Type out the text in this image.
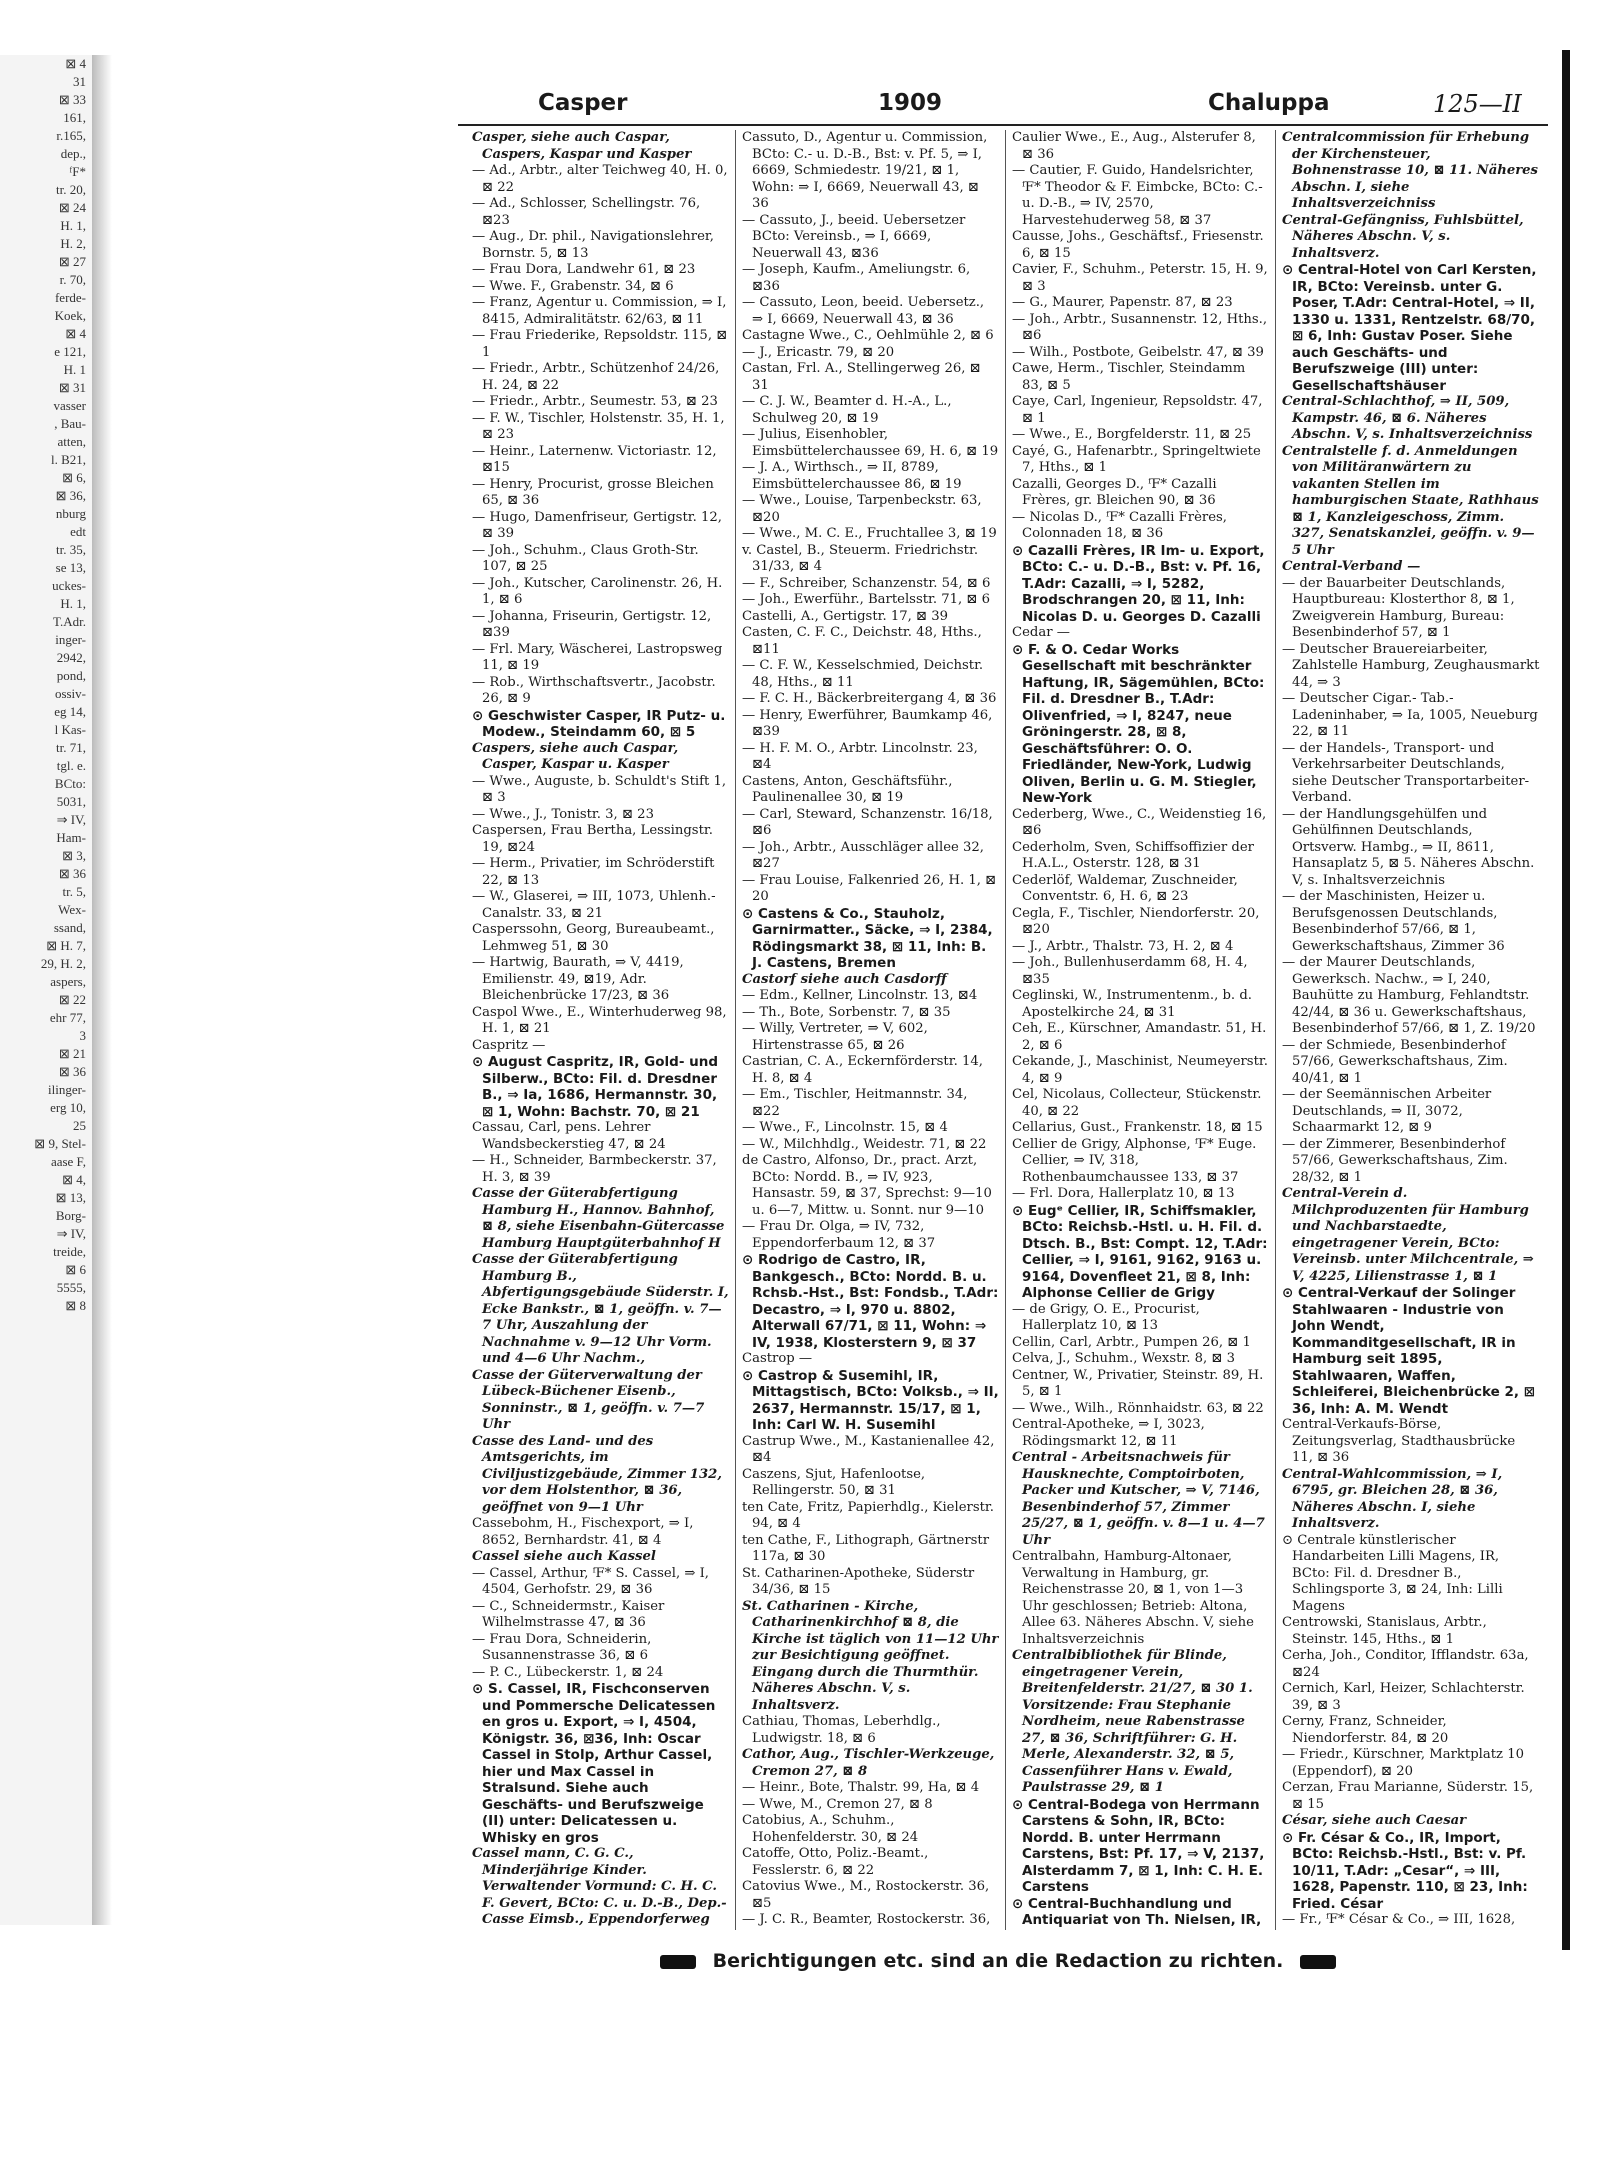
⊠ 4
31
⊠ 33
161,
r.165,
dep.,
ᶠF*
tr. 20,
⊠ 24
H. 1,
H. 2,
⊠ 27
r. 70,
ferde-
Koek,
⊠ 4
e 121,
H. 1
⊠ 31
vasser
, Bau-
atten,
l. B21,
⊠ 6,
⊠ 36,
nburg
edt
tr. 35,
se 13,
uckes-
H. 1,
T.Adr.
inger-
2942,
pond,
ossiv-
eg 14,
l Kas-
tr. 71,
tgl. e.
BCto:
5031,
⇒ IV,
Ham-
⊠ 3,
⊠ 36
tr. 5,
Wex-
ssand,
⊠ H. 7,
29, H. 2,
aspers,
⊠ 22
ehr 77,
3
⊠ 21
⊠ 36
ilinger-
erg 10,
25
⊠ 9, Stel-
aase F,
⊠ 4,
⊠ 13,
Borg-
⇒ IV,
treide,
⊠ 6
5555,
⊠ 8
Casper	1909	Chaluppa	125—II

Casper, siehe auch Caspar, Caspers, Kaspar und Kasper

— Ad., Arbtr., alter Teichweg 40, H. 0, ⊠ 22

— Ad., Schlosser, Schellingstr. 76, ⊠23

— Aug., Dr. phil., Navigationslehrer, Bornstr. 5, ⊠ 13

— Frau Dora, Landwehr 61, ⊠ 23

— Wwe. F., Grabenstr. 34, ⊠ 6

— Franz, Agentur u. Commission, ⇒ I, 8415, Admiralitätstr. 62/63, ⊠ 11

— Frau Friederike, Repsoldstr. 115, ⊠ 1

— Friedr., Arbtr., Schützenhof 24/26, H. 24, ⊠ 22

— Friedr., Arbtr., Seumestr. 53, ⊠ 23

— F. W., Tischler, Holstenstr. 35, H. 1, ⊠ 23

— Heinr., Laternenw. Victoriastr. 12, ⊠15

— Henry, Procurist, grosse Bleichen 65, ⊠ 36

— Hugo, Damenfriseur, Gertigstr. 12, ⊠ 39

— Joh., Schuhm., Claus Groth-Str. 107, ⊠ 25

— Joh., Kutscher, Carolinenstr. 26, H. 1, ⊠ 6

— Johanna, Friseurin, Gertigstr. 12, ⊠39

— Frl. Mary, Wäscherei, Lastropsweg 11, ⊠ 19

— Rob., Wirthschaftsvertr., Jacobstr. 26, ⊠ 9

⊙ Geschwister Casper, IR Putz- u. Modew., Steindamm 60, ⊠ 5

Caspers, siehe auch Caspar, Casper, Kaspar u. Kasper

— Wwe., Auguste, b. Schuldt's Stift 1, ⊠ 3

— Wwe., J., Tonistr. 3, ⊠ 23

Caspersen, Frau Bertha, Lessingstr. 19, ⊠24

— Herm., Privatier, im Schröderstift 22, ⊠ 13

— W., Glaserei, ⇒ III, 1073, Uhlenh.-Canalstr. 33, ⊠ 21

Casperssohn, Georg, Bureaubeamt., Lehmweg 51, ⊠ 30

— Hartwig, Baurath, ⇒ V, 4419, Emilienstr. 49, ⊠19, Adr. Bleichenbrücke 17/23, ⊠ 36

Caspol Wwe., E., Winterhuderweg 98, H. 1, ⊠ 21

Caspritz —

⊙ August Caspritz, IR, Gold- und Silberw., BCto: Fil. d. Dresdner B., ⇒ Ia, 1686, Hermannstr. 30, ⊠ 1, Wohn: Bachstr. 70, ⊠ 21

Cassau, Carl, pens. Lehrer Wandsbeckerstieg 47, ⊠ 24

— H., Schneider, Barmbeckerstr. 37, H. 3, ⊠ 39

Casse der Güterabfertigung Hamburg H., Hannov. Bahnhof, ⊠ 8, siehe Eisenbahn-Gütercasse Hamburg Hauptgüterbahnhof H

Casse der Güterabfertigung Hamburg B., Abfertigungsgebäude Süderstr. I, Ecke Bankstr., ⊠ 1, geöffn. v. 7—7 Uhr, Auszahlung der Nachnahme v. 9—12 Uhr Vorm. und 4—6 Uhr Nachm.,

Casse der Güterverwaltung der Lübeck-Büchener Eisenb., Sonninstr., ⊠ 1, geöffn. v. 7—7 Uhr

Casse des Land- und des Amtsgerichts, im Civiljustizgebäude, Zimmer 132, vor dem Holstenthor, ⊠ 36, geöffnet von 9—1 Uhr

Cassebohm, H., Fischexport, ⇒ I, 8652, Bernhardstr. 41, ⊠ 4

Cassel siehe auch Kassel

— Cassel, Arthur, ᶠF* S. Cassel, ⇒ I, 4504, Gerhofstr. 29, ⊠ 36

— C., Schneidermstr., Kaiser Wilhelmstrasse 47, ⊠ 36

— Frau Dora, Schneiderin, Susannenstrasse 36, ⊠ 6

— P. C., Lübeckerstr. 1, ⊠ 24

⊙ S. Cassel, IR, Fischconserven und Pommersche Delicatessen en gros u. Export, ⇒ I, 4504, Königstr. 36, ⊠36, Inh: Oscar Cassel in Stolp, Arthur Cassel, hier und Max Cassel in Stralsund. Siehe auch Geschäfts- und Berufszweige (II) unter: Delicatessen u. Whisky en gros

Cassel mann, C. G. C., Minderjährige Kinder. Verwaltender Vormund: C. H. C. F. Gevert, BCto: C. u. D.-B., Dep.-Casse Eimsb., Eppendorferweg

Cassuto, D., Agentur u. Commission, BCto: C.- u. D.-B., Bst: v. Pf. 5, ⇒ I, 6669, Schmiedestr. 19/21, ⊠ 1, Wohn: ⇒ I, 6669, Neuerwall 43, ⊠ 36

— Cassuto, J., beeid. Uebersetzer BCto: Vereinsb., ⇒ I, 6669, Neuerwall 43, ⊠36

— Joseph, Kaufm., Ameliungstr. 6, ⊠36

— Cassuto, Leon, beeid. Uebersetz., ⇒ I, 6669, Neuerwall 43, ⊠ 36

Castagne Wwe., C., Oehlmühle 2, ⊠ 6

— J., Ericastr. 79, ⊠ 20

Castan, Frl. A., Stellingerweg 26, ⊠ 31

— C. J. W., Beamter d. H.-A., L., Schulweg 20, ⊠ 19

— Julius, Eisenhobler, Eimsbüttelerchaussee 69, H. 6, ⊠ 19

— J. A., Wirthsch., ⇒ II, 8789, Eimsbüttelerchaussee 86, ⊠ 19

— Wwe., Louise, Tarpenbeckstr. 63, ⊠20

— Wwe., M. C. E., Fruchtallee 3, ⊠ 19

v. Castel, B., Steuerm. Friedrichstr. 31/33, ⊠ 4

— F., Schreiber, Schanzenstr. 54, ⊠ 6

— Joh., Ewerführ., Bartelsstr. 71, ⊠ 6

Castelli, A., Gertigstr. 17, ⊠ 39

Casten, C. F. C., Deichstr. 48, Hths., ⊠11

— C. F. W., Kesselschmied, Deichstr. 48, Hths., ⊠ 11

— F. C. H., Bäckerbreitergang 4, ⊠ 36

— Henry, Ewerführer, Baumkamp 46, ⊠39

— H. F. M. O., Arbtr. Lincolnstr. 23, ⊠4

Castens, Anton, Geschäftsführ., Paulinenallee 30, ⊠ 19

— Carl, Steward, Schanzenstr. 16/18, ⊠6

— Joh., Arbtr., Ausschläger allee 32, ⊠27

— Frau Louise, Falkenried 26, H. 1, ⊠ 20

⊙ Castens & Co., Stauholz, Garnirmatter., Säcke, ⇒ I, 2384, Rödingsmarkt 38, ⊠ 11, Inh: B. J. Castens, Bremen

Castorf siehe auch Casdorff

— Edm., Kellner, Lincolnstr. 13, ⊠4

— Th., Bote, Sorbenstr. 7, ⊠ 35

— Willy, Vertreter, ⇒ V, 602, Hirtenstrasse 65, ⊠ 26

Castrian, C. A., Eckernförderstr. 14, H. 8, ⊠ 4

— Em., Tischler, Heitmannstr. 34, ⊠22

— Wwe., F., Lincolnstr. 15, ⊠ 4

— W., Milchhdlg., Weidestr. 71, ⊠ 22

de Castro, Alfonso, Dr., pract. Arzt, BCto: Nordd. B., ⇒ IV, 923, Hansastr. 59, ⊠ 37, Sprechst: 9—10 u. 6—7, Mittw. u. Sonnt. nur 9—10

— Frau Dr. Olga, ⇒ IV, 732, Eppendorferbaum 12, ⊠ 37

⊙ Rodrigo de Castro, IR, Bankgesch., BCto: Nordd. B. u. Rchsb.-Hst., Bst: Fondsb., T.Adr: Decastro, ⇒ I, 970 u. 8802, Alterwall 67/71, ⊠ 11, Wohn: ⇒ IV, 1938, Klosterstern 9, ⊠ 37

Castrop —

⊙ Castrop & Susemihl, IR, Mittagstisch, BCto: Volksb., ⇒ II, 2637, Hermannstr. 15/17, ⊠ 1, Inh: Carl W. H. Susemihl

Castrup Wwe., M., Kastanienallee 42, ⊠4

Caszens, Sjut, Hafenlootse, Rellingerstr. 50, ⊠ 31

ten Cate, Fritz, Papierhdlg., Kielerstr. 94, ⊠ 4

ten Cathe, F., Lithograph, Gärtnerstr 117a, ⊠ 30

St. Catharinen-Apotheke, Süderstr 34/36, ⊠ 15

St. Catharinen - Kirche, Catharinenkirchhof ⊠ 8, die Kirche ist täglich von 11—12 Uhr zur Besichtigung geöffnet. Eingang durch die Thurmthür. Näheres Abschn. V, s. Inhaltsverz.

Cathiau, Thomas, Leberhdlg., Ludwigstr. 18, ⊠ 6

Cathor, Aug., Tischler-Werkzeuge, Cremon 27, ⊠ 8

— Heinr., Bote, Thalstr. 99, Ha, ⊠ 4

— Wwe, M., Cremon 27, ⊠ 8

Catobius, A., Schuhm., Hohenfelderstr. 30, ⊠ 24

Catoffe, Otto, Poliz.-Beamt., Fesslerstr. 6, ⊠ 22

Catovius Wwe., M., Rostockerstr. 36, ⊠5

— J. C. R., Beamter, Rostockerstr. 36,

Caulier Wwe., E., Aug., Alsterufer 8, ⊠ 36

— Cautier, F. Guido, Handelsrichter, ᶠF* Theodor & F. Eimbcke, BCto: C.- u. D.-B., ⇒ IV, 2570, Harvestehuderweg 58, ⊠ 37

Causse, Johs., Geschäftsf., Friesenstr. 6, ⊠ 15

Cavier, F., Schuhm., Peterstr. 15, H. 9, ⊠ 3

— G., Maurer, Papenstr. 87, ⊠ 23

— Joh., Arbtr., Susannenstr. 12, Hths., ⊠6

— Wilh., Postbote, Geibelstr. 47, ⊠ 39

Cawe, Herm., Tischler, Steindamm 83, ⊠ 5

Caye, Carl, Ingenieur, Repsoldstr. 47, ⊠ 1

— Wwe., E., Borgfelderstr. 11, ⊠ 25

Cayé, G., Hafenarbtr., Springeltwiete 7, Hths., ⊠ 1

Cazalli, Georges D., ᶠF* Cazalli Frères, gr. Bleichen 90, ⊠ 36

— Nicolas D., ᶠF* Cazalli Frères, Colonnaden 18, ⊠ 36

⊙ Cazalli Frères, IR Im- u. Export, BCto: C.- u. D.-B., Bst: v. Pf. 16, T.Adr: Cazalli, ⇒ I, 5282, Brodschrangen 20, ⊠ 11, Inh: Nicolas D. u. Georges D. Cazalli

Cedar —

⊙ F. & O. Cedar Works Gesellschaft mit beschränkter Haftung, IR, Sägemühlen, BCto: Fil. d. Dresdner B., T.Adr: Olivenfried, ⇒ I, 8247, neue Gröningerstr. 28, ⊠ 8, Geschäftsführer: O. O. Friedländer, New-York, Ludwig Oliven, Berlin u. G. M. Stiegler, New-York

Cederberg, Wwe., C., Weidenstieg 16, ⊠6

Cederholm, Sven, Schiffsoffizier der H.A.L., Osterstr. 128, ⊠ 31

Cederlöf, Waldemar, Zuschneider, Conventstr. 6, H. 6, ⊠ 23

Cegla, F., Tischler, Niendorferstr. 20, ⊠20

— J., Arbtr., Thalstr. 73, H. 2, ⊠ 4

— Joh., Bullenhuserdamm 68, H. 4, ⊠35

Ceglinski, W., Instrumentenm., b. d. Apostelkirche 24, ⊠ 31

Ceh, E., Kürschner, Amandastr. 51, H. 2, ⊠ 6

Cekande, J., Maschinist, Neumeyerstr. 4, ⊠ 9

Cel, Nicolaus, Collecteur, Stückenstr. 40, ⊠ 22

Cellarius, Gust., Frankenstr. 18, ⊠ 15

Cellier de Grigy, Alphonse, ᶠF* Euge. Cellier, ⇒ IV, 318, Rothenbaumchaussee 133, ⊠ 37

— Frl. Dora, Hallerplatz 10, ⊠ 13

⊙ Eugᵉ Cellier, IR, Schiffsmakler, BCto: Reichsb.-Hstl. u. H. Fil. d. Dtsch. B., Bst: Compt. 12, T.Adr: Cellier, ⇒ I, 9161, 9162, 9163 u. 9164, Dovenfleet 21, ⊠ 8, Inh: Alphonse Cellier de Grigy

— de Grigy, O. E., Procurist, Hallerplatz 10, ⊠ 13

Cellin, Carl, Arbtr., Pumpen 26, ⊠ 1

Celva, J., Schuhm., Wexstr. 8, ⊠ 3

Centner, W., Privatier, Steinstr. 89, H. 5, ⊠ 1

— Wwe., Wilh., Rönnhaidstr. 63, ⊠ 22

Central-Apotheke, ⇒ I, 3023, Rödingsmarkt 12, ⊠ 11

Central - Arbeitsnachweis für Hausknechte, Comptoirboten, Packer und Kutscher, ⇒ V, 7146, Besenbinderhof 57, Zimmer 25/27, ⊠ 1, geöffn. v. 8—1 u. 4—7 Uhr

Centralbahn, Hamburg-Altonaer, Verwaltung in Hamburg, gr. Reichenstrasse 20, ⊠ 1, von 1—3 Uhr geschlossen; Betrieb: Altona, Allee 63. Näheres Abschn. V, siehe Inhaltsverzeichnis

Centralbibliothek für Blinde, eingetragener Verein, Breitenfelderstr. 21/27, ⊠ 30 1. Vorsitzende: Frau Stephanie Nordheim, neue Rabenstrasse 27, ⊠ 36, Schriftführer: G. H. Merle, Alexanderstr. 32, ⊠ 5, Cassenführer Hans v. Ewald, Paulstrasse 29, ⊠ 1

⊙ Central-Bodega von Herrmann Carstens & Sohn, IR, BCto: Nordd. B. unter Herrmann Carstens, Bst: Pf. 17, ⇒ V, 2137, Alsterdamm 7, ⊠ 1, Inh: C. H. E. Carstens

⊙ Central-Buchhandlung und Antiquariat von Th. Nielsen, IR,

Centralcommission für Erhebung der Kirchensteuer, Bohnenstrasse 10, ⊠ 11. Näheres Abschn. I, siehe Inhaltsverzeichniss

Central-Gefängniss, Fuhlsbüttel, Näheres Abschn. V, s. Inhaltsverz.

⊙ Central-Hotel von Carl Kersten, IR, BCto: Vereinsb. unter G. Poser, T.Adr: Central-Hotel, ⇒ II, 1330 u. 1331, Rentzelstr. 68/70, ⊠ 6, Inh: Gustav Poser. Siehe auch Geschäfts- und Berufszweige (III) unter: Gesellschaftshäuser

Central-Schlachthof, ⇒ II, 509, Kampstr. 46, ⊠ 6. Näheres Abschn. V, s. Inhaltsverzeichniss

Centralstelle f. d. Anmeldungen von Militäranwärtern zu vakanten Stellen im hamburgischen Staate, Rathhaus ⊠ 1, Kanzleigeschoss, Zimm. 327, Senatskanzlei, geöffn. v. 9—5 Uhr

Central-Verband —

— der Bauarbeiter Deutschlands, Hauptbureau: Klosterthor 8, ⊠ 1, Zweigverein Hamburg, Bureau: Besenbinderhof 57, ⊠ 1

— Deutscher Brauereiarbeiter, Zahlstelle Hamburg, Zeughausmarkt 44, ⇒ 3

— Deutscher Cigar.- Tab.-Ladeninhaber, ⇒ Ia, 1005, Neueburg 22, ⊠ 11

— der Handels-, Transport- und Verkehrsarbeiter Deutschlands, siehe Deutscher Transportarbeiter-Verband.

— der Handlungsgehülfen und Gehülfinnen Deutschlands, Ortsverw. Hambg., ⇒ II, 8611, Hansaplatz 5, ⊠ 5. Näheres Abschn. V, s. Inhaltsverzeichnis

— der Maschinisten, Heizer u. Berufsgenossen Deutschlands, Besenbinderhof 57/66, ⊠ 1, Gewerkschaftshaus, Zimmer 36

— der Maurer Deutschlands, Gewerksch. Nachw., ⇒ I, 240, Bauhütte zu Hamburg, Fehlandtstr. 42/44, ⊠ 36 u. Gewerkschaftshaus, Besenbinderhof 57/66, ⊠ 1, Z. 19/20

— der Schmiede, Besenbinderhof 57/66, Gewerkschaftshaus, Zim. 40/41, ⊠ 1

— der Seemännischen Arbeiter Deutschlands, ⇒ II, 3072, Schaarmarkt 12, ⊠ 9

— der Zimmerer, Besenbinderhof 57/66, Gewerkschaftshaus, Zim. 28/32, ⊠ 1

Central-Verein d. Milchproduzenten für Hamburg und Nachbarstaedte, eingetragener Verein, BCto: Vereinsb. unter Milchcentrale, ⇒ V, 4225, Lilienstrasse 1, ⊠ 1

⊙ Central-Verkauf der Solinger Stahlwaaren - Industrie von John Wendt, Kommanditgesellschaft, IR in Hamburg seit 1895, Stahlwaaren, Waffen, Schleiferei, Bleichenbrücke 2, ⊠ 36, Inh: A. M. Wendt

Central-Verkaufs-Börse, Zeitungsverlag, Stadthausbrücke 11, ⊠ 36

Central-Wahlcommission, ⇒ I, 6795, gr. Bleichen 28, ⊠ 36, Näheres Abschn. I, siehe Inhaltsverz.

⊙ Centrale künstlerischer Handarbeiten Lilli Magens, IR, BCto: Fil. d. Dresdner B., Schlingsporte 3, ⊠ 24, Inh: Lilli Magens

Centrowski, Stanislaus, Arbtr., Steinstr. 145, Hths., ⊠ 1

Cerha, Joh., Conditor, Ifflandstr. 63a, ⊠24

Cernich, Karl, Heizer, Schlachterstr. 39, ⊠ 3

Cerny, Franz, Schneider, Niendorferstr. 84, ⊠ 20

— Friedr., Kürschner, Marktplatz 10 (Eppendorf), ⊠ 20

Cerzan, Frau Marianne, Süderstr. 15, ⊠ 15

César, siehe auch Caesar

⊙ Fr. César & Co., IR, Import, BCto: Reichsb.-Hstl., Bst: v. Pf. 10/11, T.Adr: „Cesar“, ⇒ III, 1628, Papenstr. 110, ⊠ 23, Inh: Fried. César

— Fr., ᶠF* César & Co., ⇒ III, 1628,

Berichtigungen etc. sind an die Redaction zu richten.
